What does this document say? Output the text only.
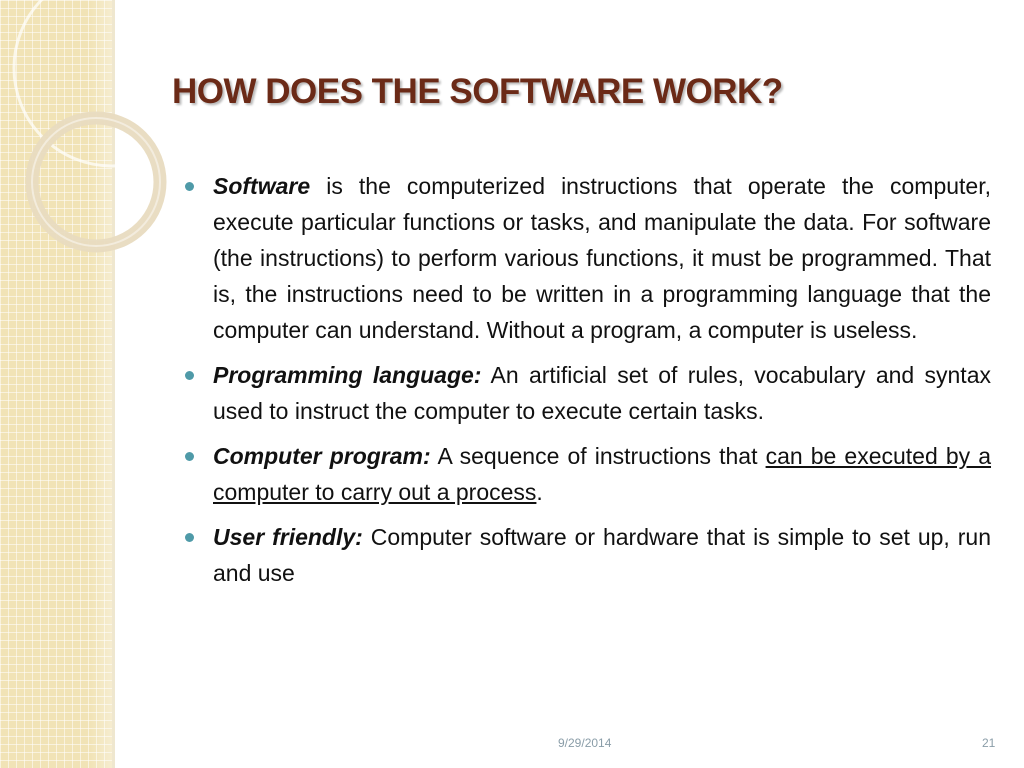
HOW DOES THE SOFTWARE WORK?
Software is the computerized instructions that operate the computer, execute particular functions or tasks, and manipulate the data. For software (the instructions) to perform various functions, it must be programmed. That is, the instructions need to be written in a programming language that the computer can understand. Without a program, a computer is useless.
Programming language: An artificial set of rules, vocabulary and syntax used to instruct the computer to execute certain tasks.
Computer program: A sequence of instructions that can be executed by a computer to carry out a process.
User friendly: Computer software or hardware that is simple to set up, run and use
9/29/2014	21
